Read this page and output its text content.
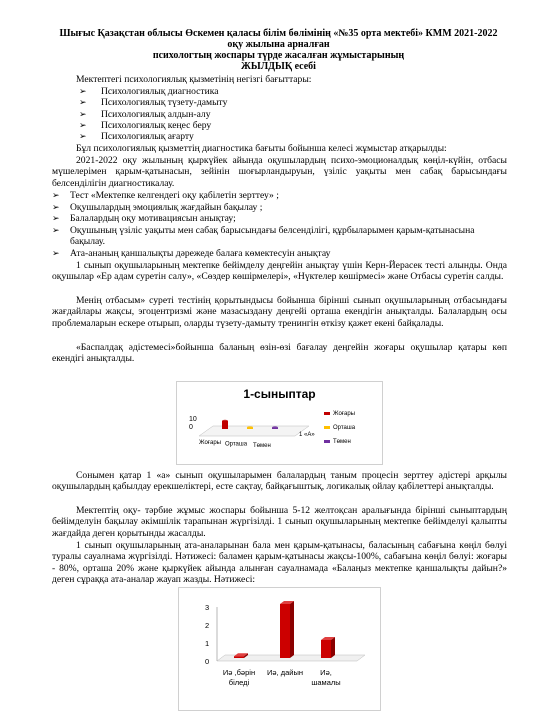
Шығыс Қазақстан облысы Өскемен қаласы білім бөлімінің «№35 орта мектебі» КММ 2021-2022
оқу жылына арналған
психологтың жоспары түрде жасалған жұмыстарының
ЖЫЛДЫҚ есебі
Мектептегі психологиялық қызметінің негізгі бағыттары:
➢ Психологиялық диагностика
➢ Психологиялық түзету-дамыту
➢ Психологиялық алдын-алу
➢ Психологиялық кеңес беру
➢ Психологиялық ағарту
Бұл психологиялық қызметтің диагностика бағыты бойынша келесі жұмыстар атқарылды:
2021-2022 оқу жылының қыркүйек айында оқушылардың психо-эмоционалдық көңіл-күйін, отбасы мүшелерімен қарым-қатынасын, зейінін шоғырландыруын, үзіліс уақыты мен сабақ барысындағы белсенділігін диагностикалау.
➢ Тест «Мектепке келгендегі оқу қабілетін зерттеу» ;
➢ Оқушылардың эмоциялық жағдайын бақылау ;
➢ Балалардың оқу мотивациясын анықтау;
➢	Оқушының үзіліс уақыты мен сабақ барысындағы белсенділігі, құрбыларымен қарым-қатынасына бақылау.
➢ Ата-ананың қаншалықты дәрежеде балаға көмектесуін анықтау
1 сынып оқушыларының мектепке бейімделу деңгейін анықтау үшін Керн-Йерасек тесті алынды. Онда оқушылар «Ер адам суретін салу», «Сөздер көшірмелері», «Нүктелер көшірмесі» және Отбасы суретін салды.
Менің отбасым» суреті тестінің қорытындысы бойынша бірінші сынып оқушыларының отбасындағы жағдайлары жақсы, эгоцентризмі және мазасыздану деңгейі орташа екендігін анықталды. Балалардың осы проблемаларын ескере отырып, оларды түзету-дамыту тренингін өткізу қажет екені байқалады.
«Баспалдақ әдістемесі»бойынша баланың өзін-өзі бағалау деңгейін жоғары оқушылар қатары көп екендігі анықталды.
1-сыныптар
10
0
Жоғары Орташа Төмен
1 «А»
Жоғары
Орташа
Төмен
Сонымен қатар 1 «а» сынып оқушыларымен балалардың таным процесін зерттеу әдістері арқылы оқушылардың қабылдау ерекшеліктері, есте сақтау, байқағыштық, логикалық ойлау қабілеттері анықталды.
Мектептің оқу- тәрбие жұмыс жоспары бойынша 5-12 желтоқсан аралығында бірінші сыныптардың бейімделуін бақылау әкімшілік тарапынан жүргізілді. 1 сынып оқушыларының мектепке бейімделуі қалыпты жағдайда деген қорытынды жасалды.
1 сынып оқушыларының ата-аналарынан бала мен қарым-қатынасы, баласының сабағына көңіл бөлуі туралы сауалнама жүргізілді. Нәтижесі: баламен қарым-қатынасы жақсы-100%, сабағына көңіл бөлуі: жоғары - 80%, орташа 20% және қыркүйек айында алынған сауалнамада «Балаңыз мектепке қаншалықты дайын?» деген сұраққа ата-аналар жауап жазды. Нәтижесі:
3
2
1
0
Иә ,бәрін
біледі
Иә, дайын Иә,
шамалы
